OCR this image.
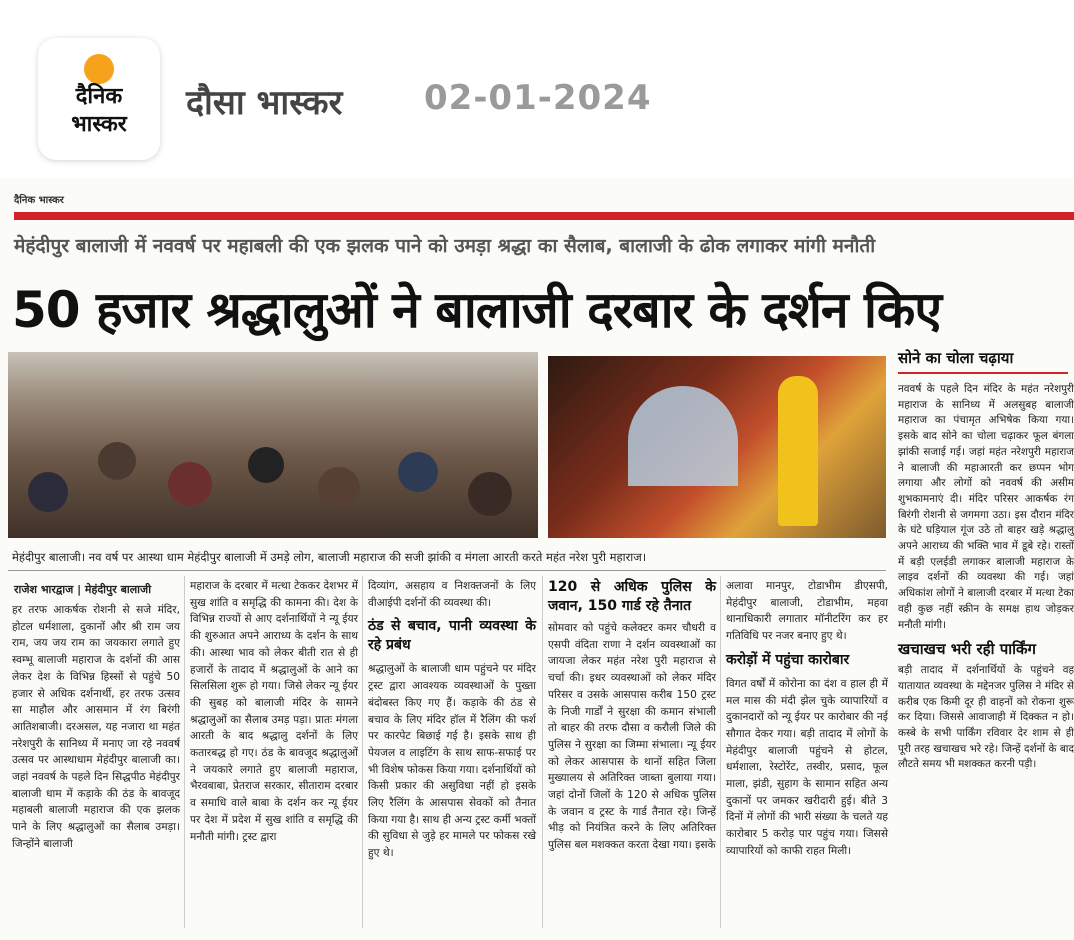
दैनिक
भास्कर
दौसा भास्कर 02-01-2024
दैनिक भास्कर
मेहंदीपुर बालाजी में नववर्ष पर महाबली की एक झलक पाने को उमड़ा श्रद्धा का सैलाब, बालाजी के ढोक लगाकर मांगी मनौती
50 हजार श्रद्धालुओं ने बालाजी दरबार के दर्शन किए
मेहंदीपुर बालाजी। नव वर्ष पर आस्था धाम मेहंदीपुर बालाजी में उमड़े लोग, बालाजी महाराज की सजी झांकी व मंगला आरती करते महंत नरेश पुरी महाराज।
सोने का चोला चढ़ाया
नववर्ष के पहले दिन मंदिर के महंत नरेशपुरी महाराज के सानिध्य में अलसुबह बालाजी महाराज का पंचामृत अभिषेक किया गया। इसके बाद सोने का चोला चढ़ाकर फूल बंगला झांकी सजाई गई। जहां महंत नरेशपुरी महाराज ने बालाजी की महाआरती कर छप्पन भोग लगाया और लोगों को नववर्ष की असीम शुभकामनाएं दी। मंदिर परिसर आकर्षक रंग बिरंगी रोशनी से जगमगा उठा। इस दौरान मंदिर के घंटे घड़ियाल गूंज उठे तो बाहर खड़े श्रद्धालु अपने आराध्य की भक्ति भाव में डूबे रहे। रास्तों में बड़ी एलईडी लगाकर बालाजी महाराज के लाइव दर्शनों की व्यवस्था की गई। जहां अधिकांश लोगों ने बालाजी दरबार में मत्था टेका वही कुछ नहीं स्क्रीन के समक्ष हाथ जोड़कर मनौती मांगी।
खचाखच भरी रही पार्किंग
बड़ी तादाद में दर्शनार्थियों के पहुंचने वह यातायात व्यवस्था के मद्देनजर पुलिस ने मंदिर से करीब एक किमी दूर ही वाहनों को रोकना शुरू कर दिया। जिससे आवाजाही में दिक्कत न हो। कस्बे के सभी पार्किंग रविवार देर शाम से ही पूरी तरह खचाखच भरे रहे। जिन्हें दर्शनों के बाद लौटते समय भी मशक्कत करनी पड़ी।
राजेश भारद्वाज | मेहंदीपुर बालाजी

हर तरफ आकर्षक रोशनी से सजे मंदिर, होटल धर्मशाला, दुकानों और श्री राम जय राम, जय जय राम का जयकारा लगाते हुए स्वम्भू बालाजी महाराज के दर्शनों की आस लेकर देश के विभिन्न हिस्सों से पहुंचे 50 हजार से अधिक दर्शनार्थी, हर तरफ उत्सव सा माहौल और आसमान में रंग बिरंगी आतिशबाजी। दरअसल, यह नजारा था महंत नरेशपुरी के सानिध्य में मनाए जा रहे नववर्ष उत्सव पर आस्थाधाम मेहंदीपुर बालाजी का। जहां नववर्ष के पहले दिन सिद्धपीठ मेहंदीपुर बालाजी धाम में कड़ाके की ठंड के बावजूद महाबली बालाजी महाराज की एक झलक पाने के लिए श्रद्धालुओं का सैलाब उमड़ा। जिन्होंने बालाजी

महाराज के दरबार में मत्था टेककर देशभर में सुख शांति व समृद्धि की कामना की। देश के विभिन्न राज्यों से आए दर्शनार्थियों ने न्यू ईयर की शुरुआत अपने आराध्य के दर्शन के साथ की। आस्था भाव को लेकर बीती रात से ही हजारों के तादाद में श्रद्धालुओं के आने का सिलसिला शुरू हो गया। जिसे लेकर न्यू ईयर की सुबह को बालाजी मंदिर के सामने श्रद्धालुओं का सैलाब उमड़ पड़ा। प्रातः मंगला आरती के बाद श्रद्धालु दर्शनों के लिए कतारबद्ध हो गए। ठंड के बावजूद श्रद्धालुओं ने जयकारे लगाते हुए बालाजी महाराज, भैरवबाबा, प्रेतराज सरकार, सीताराम दरबार व समाधि वाले बाबा के दर्शन कर न्यू ईयर पर देश में प्रदेश में सुख शांति व समृद्धि की मनौती मांगी। ट्रस्ट द्वारा

दिव्यांग, असहाय व निशक्तजनों के लिए वीआईपी दर्शनों की व्यवस्था की।

ठंड से बचाव, पानी व्यवस्था के रहे प्रबंध

श्रद्धालुओं के बालाजी धाम पहुंचने पर मंदिर ट्रस्ट द्वारा आवश्यक व्यवस्थाओं के पुख्ता बंदोबस्त किए गए हैं। कड़ाके की ठंड से बचाव के लिए मंदिर हॉल में रैलिंग की फर्श पर कारपेट बिछाई गई है। इसके साथ ही पेयजल व लाइटिंग के साथ साफ-सफाई पर भी विशेष फोकस किया गया। दर्शनार्थियों को किसी प्रकार की असुविधा नहीं हो इसके लिए रैलिंग के आसपास सेवकों को तैनात किया गया है। साथ ही अन्य ट्रस्ट कर्मी भक्तों की सुविधा से जुड़े हर मामले पर फोकस रखे हुए थे।

120 से अधिक पुलिस के जवान, 150 गार्ड रहे तैनात

सोमवार को पहुंचे कलेक्टर कमर चौधरी व एसपी वंदिता राणा ने दर्शन व्यवस्थाओं का जायजा लेकर महंत नरेश पुरी महाराज से चर्चा की। इधर व्यवस्थाओं को लेकर मंदिर परिसर व उसके आसपास करीब 150 ट्रस्ट के निजी गार्डों ने सुरक्षा की कमान संभाली तो बाहर की तरफ दौसा व करौली जिले की पुलिस ने सुरक्षा का जिम्मा संभाला। न्यू ईयर को लेकर आसपास के थानों सहित जिला मुख्यालय से अतिरिक्त जाब्ता बुलाया गया। जहां दोनों जिलों के 120 से अधिक पुलिस के जवान व ट्रस्ट के गार्ड तैनात रहे। जिन्हें भीड़ को नियंत्रित करने के लिए अतिरिक्त पुलिस बल मशक्कत करता देखा गया। इसके

अलावा मानपुर, टोडाभीम डीएसपी, मेहंदीपुर बालाजी, टोडाभीम, महवा थानाधिकारी लगातार मॉनीटरिंग कर हर गतिविधि पर नजर बनाए हुए थे।

करोड़ों में पहुंचा कारोबार

विगत वर्षों में कोरोना का दंश व हाल ही में मल मास की मंदी झेल चुके व्यापारियों व दुकानदारों को न्यू ईयर पर कारोबार की नई सौगात देकर गया। बड़ी तादाद में लोगों के मेहंदीपुर बालाजी पहुंचने से होटल, धर्मशाला, रेस्टोरेंट, तस्वीर, प्रसाद, फूल माला, झंडी, सुहाग के सामान सहित अन्य दुकानों पर जमकर खरीदारी हुई। बीते 3 दिनों में लोगों की भारी संख्या के चलते यह कारोबार 5 करोड़ पार पहुंच गया। जिससे व्यापारियों को काफी राहत मिली।
